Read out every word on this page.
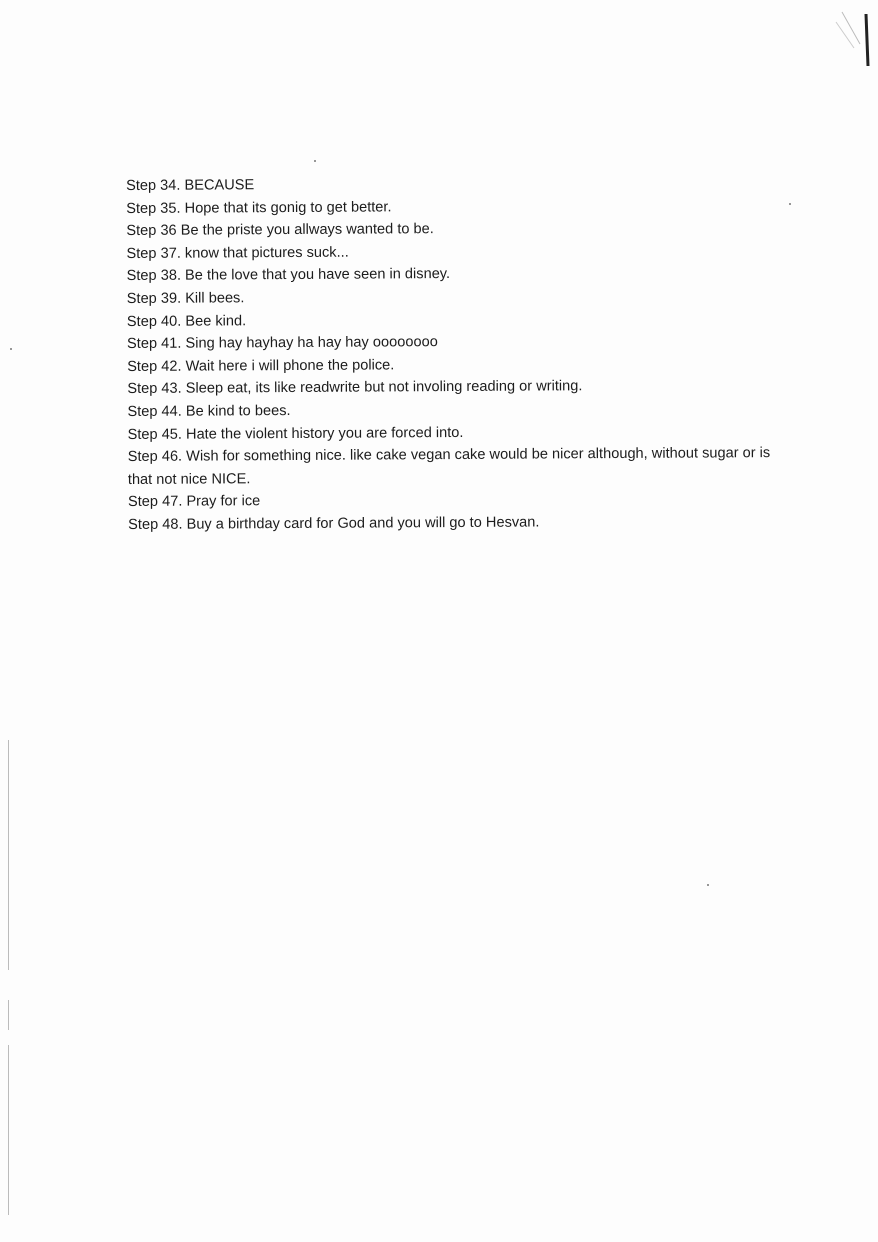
Step 34. BECAUSE
Step 35. Hope that its gonig to get better.
Step 36 Be the priste you allways wanted to be.
Step 37. know that pictures suck...
Step 38. Be the love that you have seen in disney.
Step 39. Kill bees.
Step 40. Bee kind.
Step 41. Sing hay hayhay ha hay hay oooooooo
Step 42. Wait here i will phone the police.
Step 43. Sleep eat, its like readwrite but not involing reading or writing.
Step 44. Be kind to bees.
Step 45. Hate the violent history you are forced into.
Step 46. Wish for something nice. like cake vegan cake would be nicer although, without sugar or is that not nice NICE.
Step 47. Pray for ice
Step 48. Buy a birthday card for God and you will go to Hesvan.
